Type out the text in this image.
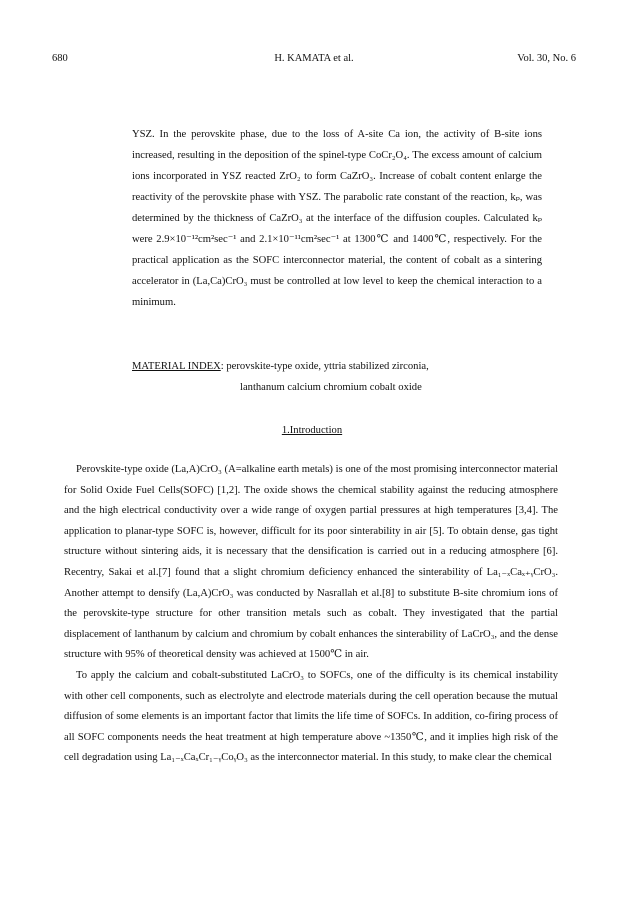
680	H. KAMATA et al.	Vol. 30, No. 6

YSZ. In the perovskite phase, due to the loss of A-site Ca ion, the activity of B-site ions increased, resulting in the deposition of the spinel-type CoCr₂O₄. The excess amount of calcium ions incorporated in YSZ reacted ZrO₂ to form CaZrO₃. Increase of cobalt content enlarge the reactivity of the perovskite phase with YSZ. The parabolic rate constant of the reaction, kₚ, was determined by the thickness of CaZrO₃ at the interface of the diffusion couples. Calculated kₚ were 2.9×10⁻¹²cm²sec⁻¹ and 2.1×10⁻¹¹cm²sec⁻¹ at 1300℃ and 1400℃, respectively. For the practical application as the SOFC interconnector material, the content of cobalt as a sintering accelerator in (La,Ca)CrO₃ must be controlled at low level to keep the chemical interaction to a minimum.

MATERIAL INDEX: perovskite-type oxide, yttria stabilized zirconia,
lanthanum calcium chromium cobalt oxide
1.Introduction

Perovskite-type oxide (La,A)CrO₃ (A=alkaline earth metals) is one of the most promising interconnector material for Solid Oxide Fuel Cells(SOFC) [1,2]. The oxide shows the chemical stability against the reducing atmosphere and the high electrical conductivity over a wide range of oxygen partial pressures at high temperatures [3,4]. The application to planar-type SOFC is, however, difficult for its poor sinterability in air [5]. To obtain dense, gas tight structure without sintering aids, it is necessary that the densification is carried out in a reducing atmosphere [6]. Recentry, Sakai et al.[7] found that a slight chromium deficiency enhanced the sinterability of La₁₋ₓCaₓ₊ᵧCrO₃. Another attempt to densify (La,A)CrO₃ was conducted by Nasrallah et al.[8] to substitute B-site chromium ions of the perovskite-type structure for other transition metals such as cobalt. They investigated that the partial displacement of lanthanum by calcium and chromium by cobalt enhances the sinterability of LaCrO₃, and the dense structure with 95% of theoretical density was achieved at 1500℃ in air.

To apply the calcium and cobalt-substituted LaCrO₃ to SOFCs, one of the difficulty is its chemical instability with other cell components, such as electrolyte and electrode materials during the cell operation because the mutual diffusion of some elements is an important factor that limits the life time of SOFCs. In addition, co-firing process of all SOFC components needs the heat treatment at high temperature above ~1350℃, and it implies high risk of the cell degradation using La₁₋ₓCaₓCr₁₋ᵧCoᵧO₃ as the interconnector material. In this study, to make clear the chemical
